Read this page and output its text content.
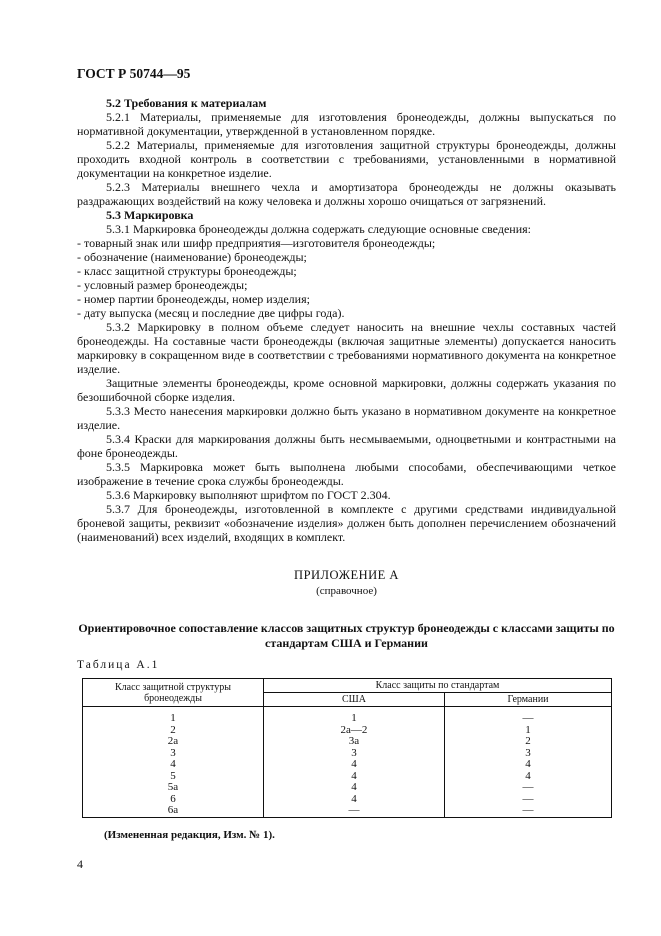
ГОСТ Р 50744—95

5.2 Требования к материалам

5.2.1 Материалы, применяемые для изготовления бронеодежды, должны выпускаться по нормативной документации, утвержденной в установленном порядке.

5.2.2 Материалы, применяемые для изготовления защитной структуры бронеодежды, должны проходить входной контроль в соответствии с требованиями, установленными в нормативной документации на конкретное изделие.

5.2.3 Материалы внешнего чехла и амортизатора бронеодежды не должны оказывать раздражающих воздействий на кожу человека и должны хорошо очищаться от загрязнений.

5.3 Маркировка

5.3.1 Маркировка бронеодежды должна содержать следующие основные сведения:

- товарный знак или шифр предприятия—изготовителя бронеодежды;

- обозначение (наименование) бронеодежды;

- класс защитной структуры бронеодежды;

- условный размер бронеодежды;

- номер партии бронеодежды, номер изделия;

- дату выпуска (месяц и последние две цифры года).

5.3.2 Маркировку в полном объеме следует наносить на внешние чехлы составных частей бронеодежды. На составные части бронеодежды (включая защитные элементы) допускается наносить маркировку в сокращенном виде в соответствии с требованиями нормативного документа на конкретное изделие.

Защитные элементы бронеодежды, кроме основной маркировки, должны содержать указания по безошибочной сборке изделия.

5.3.3 Место нанесения маркировки должно быть указано в нормативном документе на конкретное изделие.

5.3.4 Краски для маркирования должны быть несмываемыми, одноцветными и контрастными на фоне бронеодежды.

5.3.5 Маркировка может быть выполнена любыми способами, обеспечивающими четкое изображение в течение срока службы бронеодежды.

5.3.6 Маркировку выполняют шрифтом по ГОСТ 2.304.

5.3.7 Для бронеодежды, изготовленной в комплекте с другими средствами индивидуальной броневой защиты, реквизит «обозначение изделия» должен быть дополнен перечислением обозначений (наименований) всех изделий, входящих в комплект.

ПРИЛОЖЕНИЕ А
(справочное)
Ориентировочное сопоставление классов защитных структур бронеодежды с классами защиты по стандартам США и Германии
Таблица А.1
Класс защитной структуры бронеодежды	Класс защиты по стандартам	
	США	Германии
1	1	—
2	2а—2	1
2а	3а	2
3	3	3
4	4	4
5	4	4
5а	4	—
6	4	—
6а	—	—
(Измененная редакция, Изм. № 1).
4
